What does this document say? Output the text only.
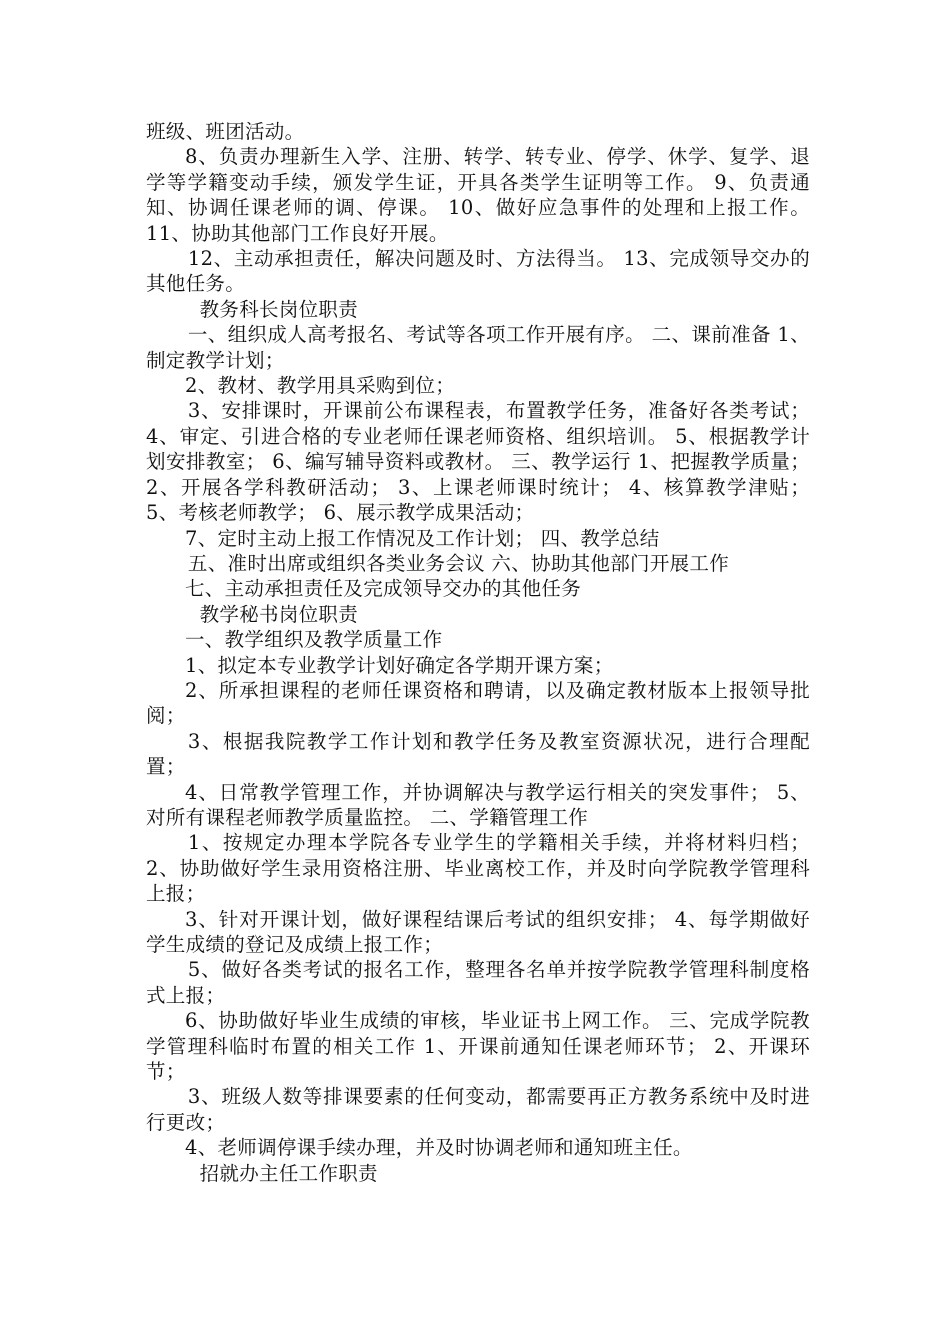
班级、班团活动。

8、负责办理新生入学、注册、转学、转专业、停学、休学、复学、退学等学籍变动手续，颁发学生证，开具各类学生证明等工作。 9、负责通知、协调任课老师的调、停课。 10、做好应急事件的处理和上报工作。 11、协助其他部门工作良好开展。

12、主动承担责任，解决问题及时、方法得当。 13、完成领导交办的其他任务。

教务科长岗位职责

一、组织成人高考报名、考试等各项工作开展有序。 二、课前准备 1、制定教学计划；

2、教材、教学用具采购到位；

3、安排课时，开课前公布课程表，布置教学任务，准备好各类考试； 4、审定、引进合格的专业老师任课老师资格、组织培训。 5、根据教学计划安排教室； 6、编写辅导资料或教材。 三、教学运行 1、把握教学质量； 2、开展各学科教研活动； 3、上课老师课时统计； 4、核算教学津贴； 5、考核老师教学； 6、展示教学成果活动；

7、定时主动上报工作情况及工作计划； 四、教学总结

五、准时出席或组织各类业务会议 六、协助其他部门开展工作

七、主动承担责任及完成领导交办的其他任务

教学秘书岗位职责

一、教学组织及教学质量工作

1、拟定本专业教学计划好确定各学期开课方案；

2、所承担课程的老师任课资格和聘请，以及确定教材版本上报领导批阅；

3、根据我院教学工作计划和教学任务及教室资源状况，进行合理配置；

4、日常教学管理工作，并协调解决与教学运行相关的突发事件； 5、对所有课程老师教学质量监控。 二、学籍管理工作

1、按规定办理本学院各专业学生的学籍相关手续，并将材料归档； 2、协助做好学生录用资格注册、毕业离校工作，并及时向学院教学管理科上报；

3、针对开课计划，做好课程结课后考试的组织安排； 4、每学期做好学生成绩的登记及成绩上报工作；

5、做好各类考试的报名工作，整理各名单并按学院教学管理科制度格式上报；

6、协助做好毕业生成绩的审核，毕业证书上网工作。 三、完成学院教学管理科临时布置的相关工作 1、开课前通知任课老师环节； 2、开课环节；

3、班级人数等排课要素的任何变动，都需要再正方教务系统中及时进行更改；

4、老师调停课手续办理，并及时协调老师和通知班主任。

招就办主任工作职责
